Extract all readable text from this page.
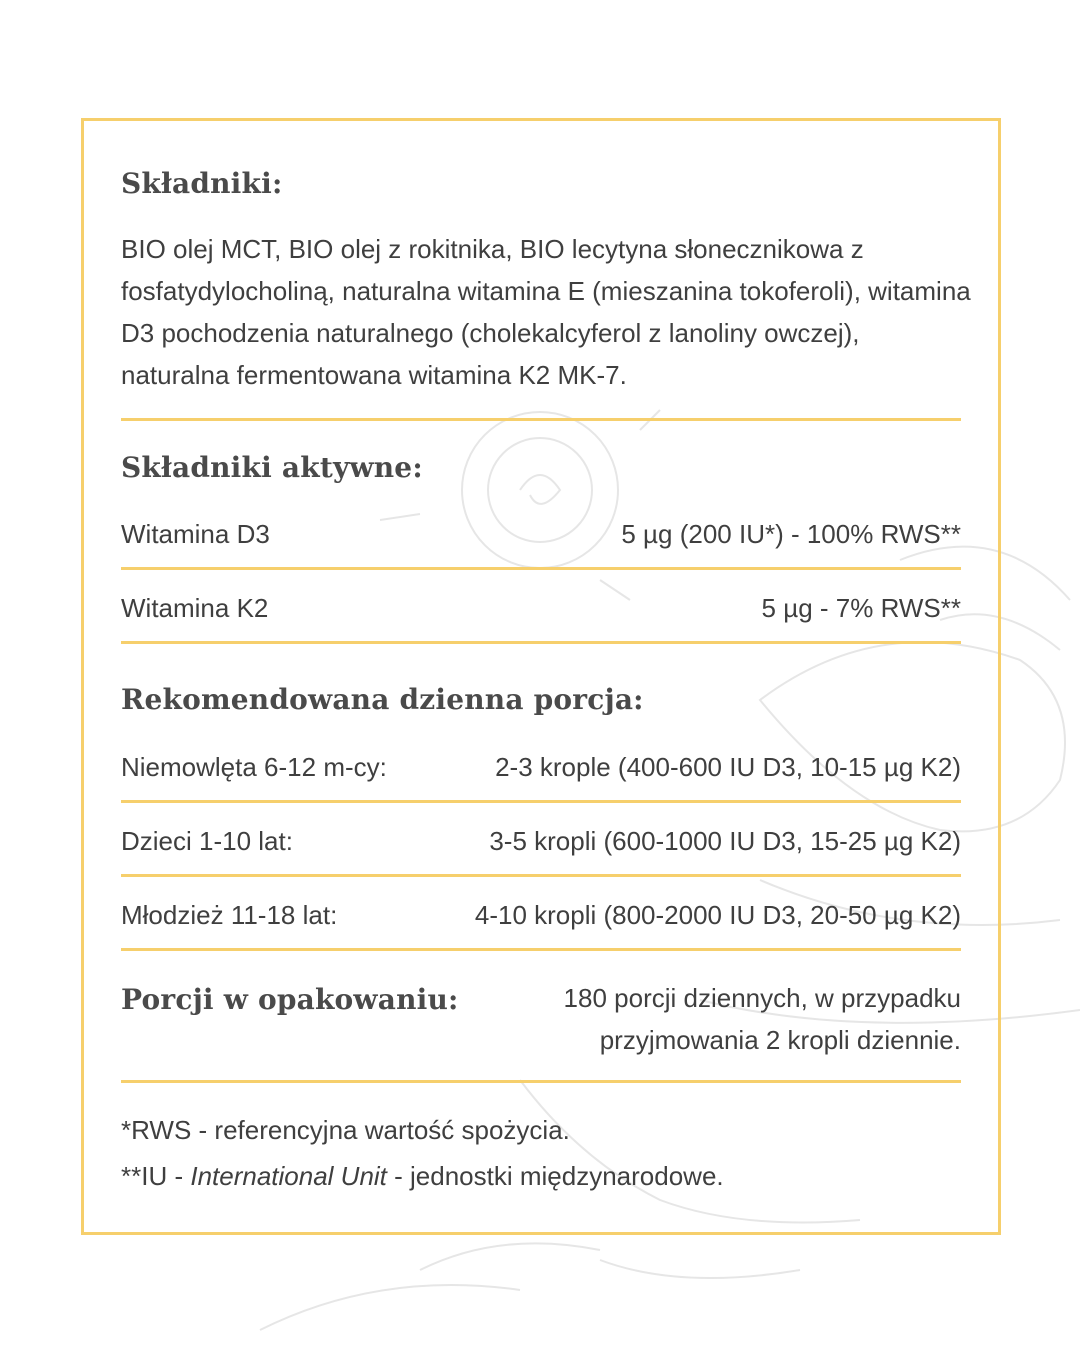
Składniki:

BIO olej MCT, BIO olej z rokitnika, BIO lecytyna słonecznikowa z fosfatydylocholiną, naturalna witamina E (mieszanina tokoferoli), witamina D3 pochodzenia naturalnego (cholekalcyferol z lanoliny owczej), naturalna fermentowana witamina K2 MK-7.

Składniki aktywne:
Witamina D3	5 µg (200 IU*) - 100% RWS**
Witamina K2	5 µg - 7% RWS**
Rekomendowana dzienna porcja:
Niemowlęta 6-12 m-cy:	2-3 krople (400-600 IU D3, 10-15 µg K2)
Dzieci 1-10 lat:	3-5 kropli (600-1000 IU D3, 15-25 µg K2)
Młodzież 11-18 lat:	4-10 kropli (800-2000 IU D3, 20-50 µg K2)
Porcji w opakowaniu:	180 porcji dziennych, w przypadku
przyjmowania 2 kropli dziennie.
*RWS - referencyjna wartość spożycia.
**IU - International Unit - jednostki międzynarodowe.
